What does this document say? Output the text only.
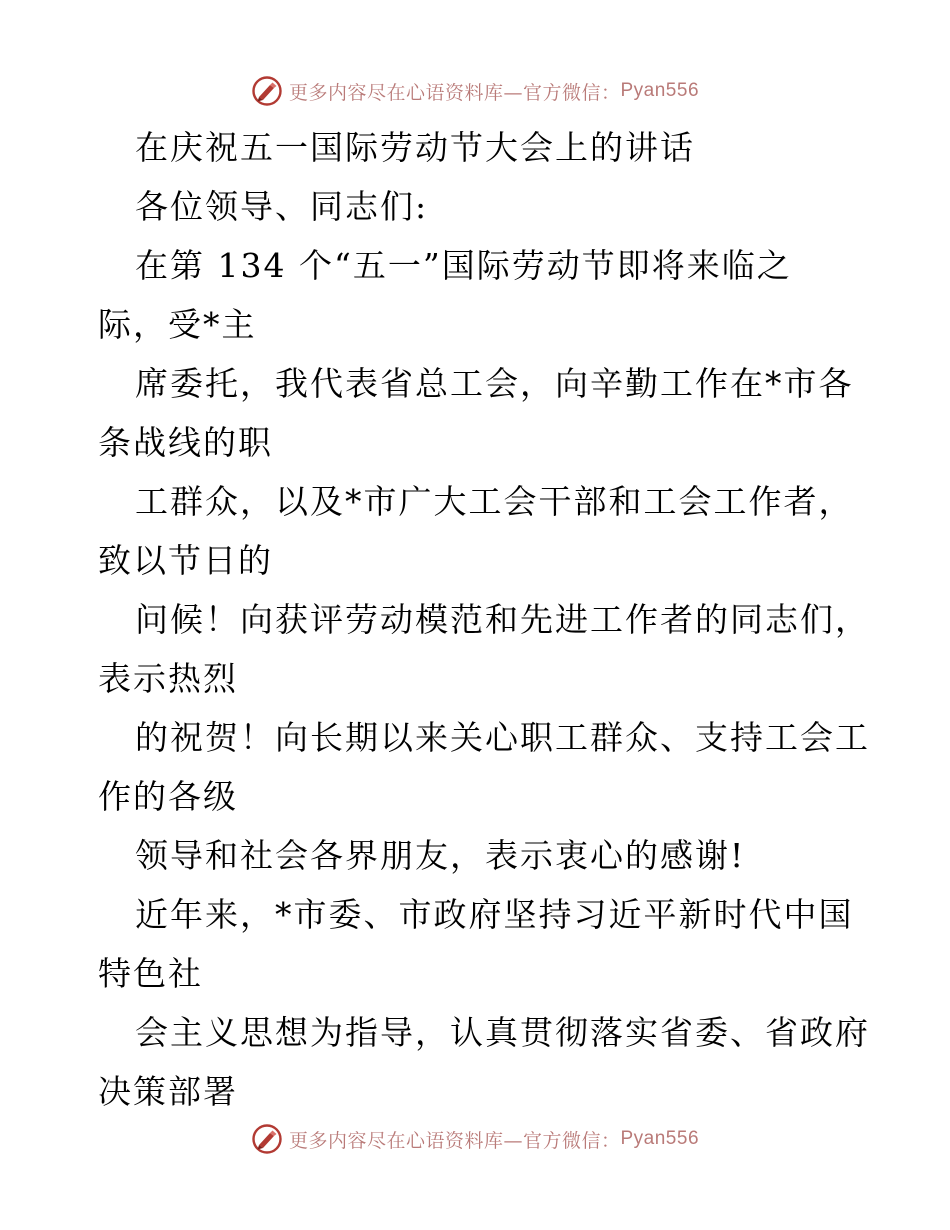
更多内容尽在心语资料库—官方微信： Pyan556
在庆祝五一国际劳动节大会上的讲话
各位领导、同志们:
在第 134 个“五一”国际劳动节即将来临之
际，受*主
席委托，我代表省总工会，向辛勤工作在*市各
条战线的职
工群众，以及*市广大工会干部和工会工作者，
致以节日的
问候！向获评劳动模范和先进工作者的同志们，
表示热烈
的祝贺！向长期以来关心职工群众、支持工会工
作的各级
领导和社会各界朋友，表示衷心的感谢!
近年来，*市委、市政府坚持习近平新时代中国
特色社
会主义思想为指导，认真贯彻落实省委、省政府
决策部署
更多内容尽在心语资料库—官方微信： Pyan556
